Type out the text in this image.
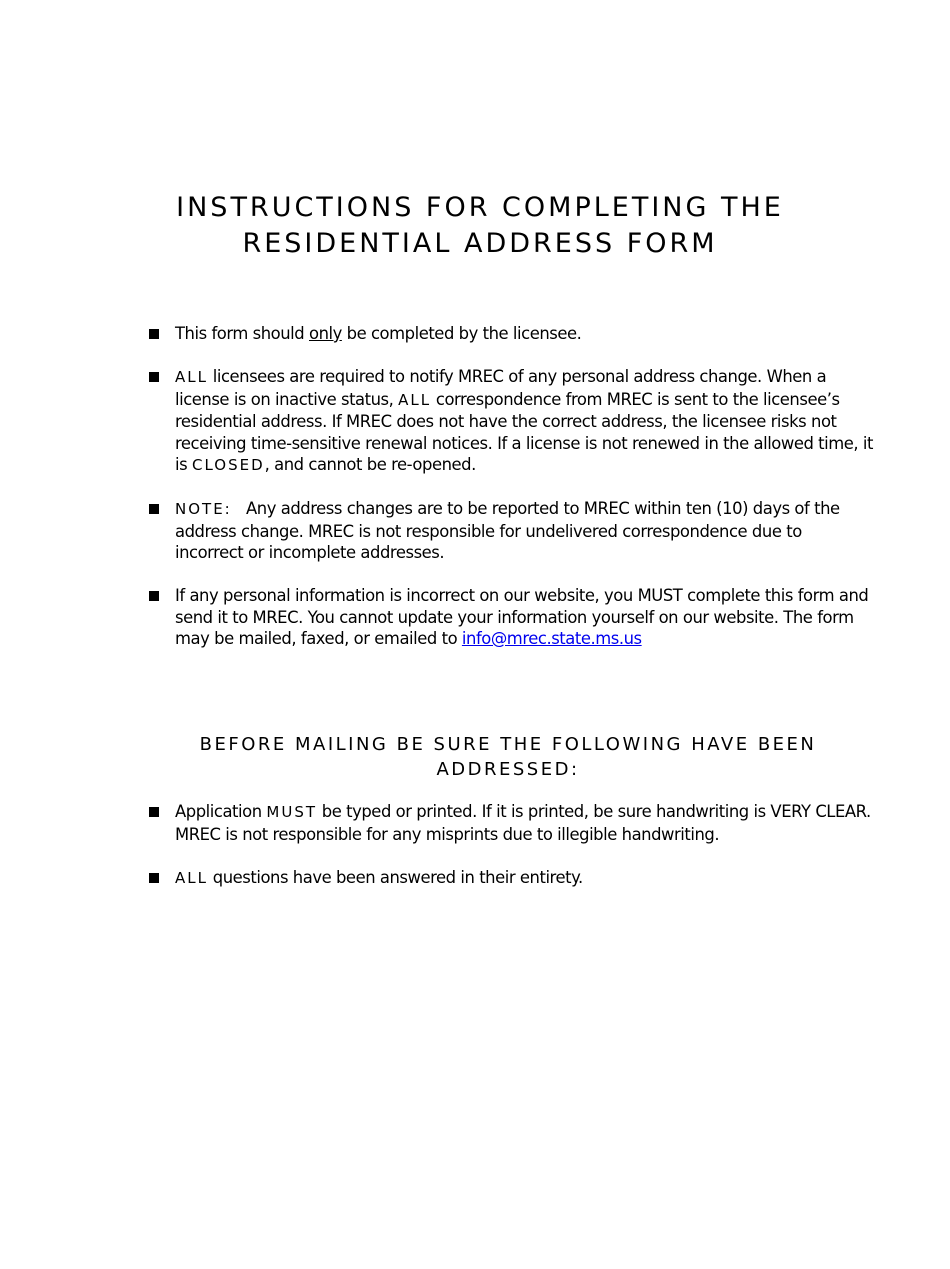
INSTRUCTIONS FOR COMPLETING THE
RESIDENTIAL ADDRESS FORM
This form should only be completed by the licensee.
ALL licensees are required to notify MREC of any personal address change. When a license is on inactive status, ALL correspondence from MREC is sent to the licensee’s residential address. If MREC does not have the correct address, the licensee risks not receiving time-sensitive renewal notices. If a license is not renewed in the allowed time, it is CLOSED, and cannot be re-opened.
NOTE:   Any address changes are to be reported to MREC within ten (10) days of the address change. MREC is not responsible for undelivered correspondence due to incorrect or incomplete addresses.
If any personal information is incorrect on our website, you MUST complete this form and send it to MREC. You cannot update your information yourself on our website. The form may be mailed, faxed, or emailed to info@mrec.state.ms.us
BEFORE MAILING BE SURE THE FOLLOWING HAVE BEEN
ADDRESSED:
Application MUST be typed or printed. If it is printed, be sure handwriting is VERY CLEAR. MREC is not responsible for any misprints due to illegible handwriting.
ALL questions have been answered in their entirety.
